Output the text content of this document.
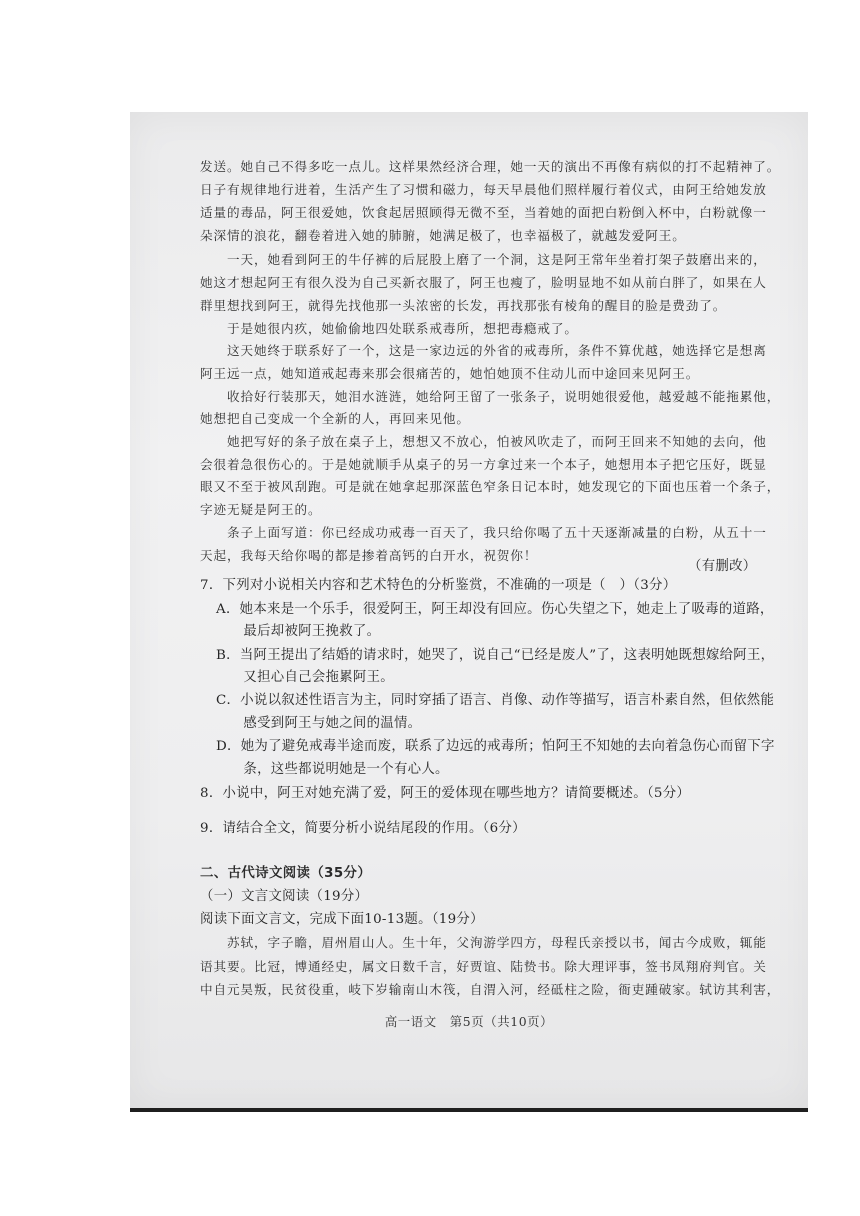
发送。她自己不得多吃一点儿。这样果然经济合理，她一天的演出不再像有病似的打不起精神了。
日子有规律地行进着，生活产生了习惯和磁力，每天早晨他们照样履行着仪式，由阿王给她发放
适量的毒品，阿王很爱她，饮食起居照顾得无微不至，当着她的面把白粉倒入杯中，白粉就像一
朵深情的浪花，翻卷着进入她的肺腑，她满足极了，也幸福极了，就越发爱阿王。
　　一天，她看到阿王的牛仔裤的后屁股上磨了一个洞，这是阿王常年坐着打架子鼓磨出来的，
她这才想起阿王有很久没为自己买新衣服了，阿王也瘦了，脸明显地不如从前白胖了，如果在人
群里想找到阿王，就得先找他那一头浓密的长发，再找那张有棱角的醒目的脸是费劲了。
　　于是她很内疚，她偷偷地四处联系戒毒所，想把毒瘾戒了。
　　这天她终于联系好了一个，这是一家边远的外省的戒毒所，条件不算优越，她选择它是想离
阿王远一点，她知道戒起毒来那会很痛苦的，她怕她顶不住动儿而中途回来见阿王。
　　收拾好行装那天，她泪水涟涟，她给阿王留了一张条子，说明她很爱他，越爱越不能拖累他，
她想把自己变成一个全新的人，再回来见他。
　　她把写好的条子放在桌子上，想想又不放心，怕被风吹走了，而阿王回来不知她的去向，他
会很着急很伤心的。于是她就顺手从桌子的另一方拿过来一个本子，她想用本子把它压好，既显
眼又不至于被风刮跑。可是就在她拿起那深蓝色窄条日记本时，她发现它的下面也压着一个条子，
字迹无疑是阿王的。
　　条子上面写道：你已经成功戒毒一百天了，我只给你喝了五十天逐渐减量的白粉，从五十一
天起，我每天给你喝的都是掺着高钙的白开水，祝贺你！
（有删改）
7．下列对小说相关内容和艺术特色的分析鉴赏，不准确的一项是（　）（3分）
A．她本来是一个乐手，很爱阿王，阿王却没有回应。伤心失望之下，她走上了吸毒的道路，
　　最后却被阿王挽救了。
B．当阿王提出了结婚的请求时，她哭了，说自己“已经是废人”了，这表明她既想嫁给阿王，
　　又担心自己会拖累阿王。
C．小说以叙述性语言为主，同时穿插了语言、肖像、动作等描写，语言朴素自然，但依然能
　　感受到阿王与她之间的温情。
D．她为了避免戒毒半途而废，联系了边远的戒毒所；怕阿王不知她的去向着急伤心而留下字
　　条，这些都说明她是一个有心人。
8．小说中，阿王对她充满了爱，阿王的爱体现在哪些地方？请简要概述。（5分）
9．请结合全文，简要分析小说结尾段的作用。（6分）
二、古代诗文阅读（35分）
（一）文言文阅读（19分）
阅读下面文言文，完成下面10-13题。（19分）
　　苏轼，字子瞻，眉州眉山人。生十年，父洵游学四方，母程氏亲授以书，闻古今成败，辄能
语其要。比冠，博通经史，属文日数千言，好贾谊、陆贽书。除大理评事，签书凤翔府判官。关
中自元昊叛，民贫役重，岐下岁输南山木筏，自渭入河，经砥柱之险，衙吏踵破家。轼访其利害，
高一语文　第5页（共10页）
